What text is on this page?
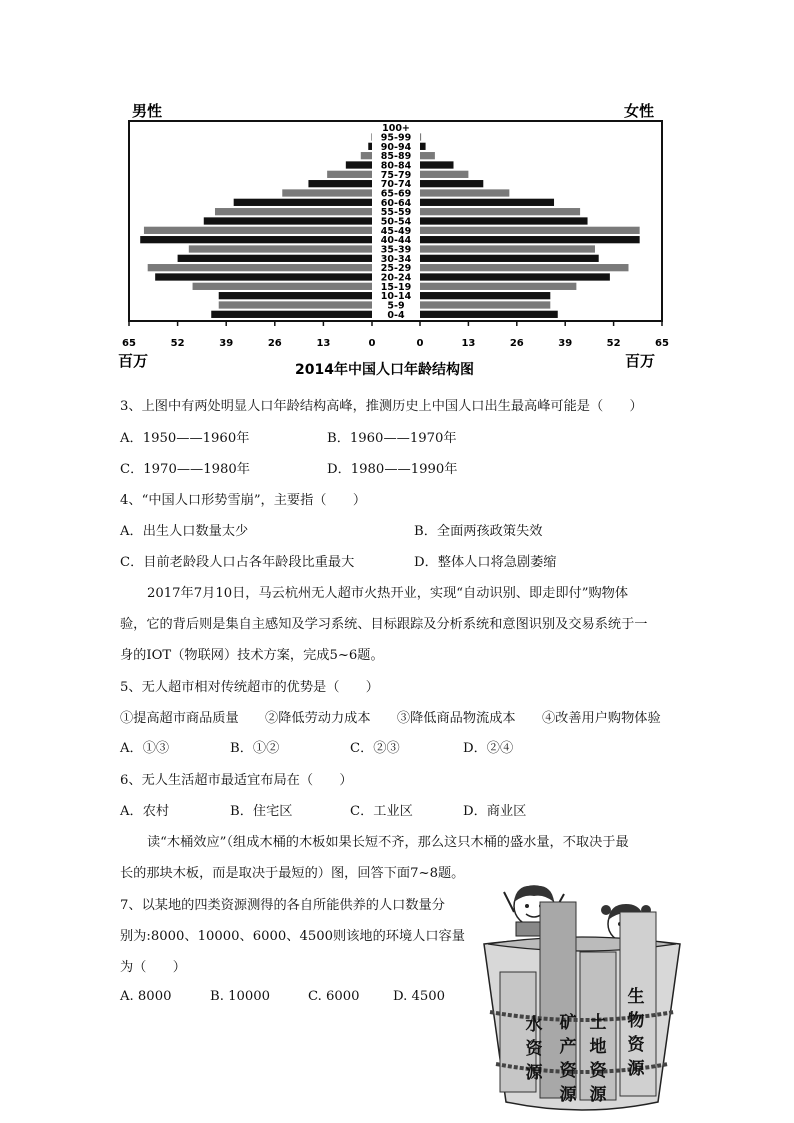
男性	女性
0-4
5-9
10-14
15-19
20-24
25-29
30-34
35-39
40-44
45-49
50-54
55-59
60-64
65-69
70-74
75-79
80-84
85-89
90-94
95-99
100+
65	52	39	26	13	0	0	13	26	39	52	65
百万	百万
2014年中国人口年龄结构图
3、上图中有两处明显人口年龄结构高峰，推测历史上中国人口出生最高峰可能是（　　）
A．1950——1960年	B．1960——1970年
C．1970——1980年	D．1980——1990年
4、“中国人口形势雪崩”，主要指（　　）
A．出生人口数量太少	B．全面两孩政策失效
C．目前老龄段人口占各年龄段比重最大	D．整体人口将急剧萎缩
2017年7月10日，马云杭州无人超市火热开业，实现“自动识别、即走即付”购物体
验，它的背后则是集自主感知及学习系统、目标跟踪及分析系统和意图识别及交易系统于一
身的IOT（物联网）技术方案，完成5~6题。
5、无人超市相对传统超市的优势是（　　）
①提高超市商品质量　　②降低劳动力成本　　③降低商品物流成本　　④改善用户购物体验
A．①③	B．①②	C．②③	D．②④
6、无人生活超市最适宜布局在（　　）
A．农村	B．住宅区	C．工业区	D．商业区
读“木桶效应”（组成木桶的木板如果长短不齐，那么这只木桶的盛水量，不取决于最
长的那块木板，而是取决于最短的）图，回答下面7~8题。
7、以某地的四类资源测得的各自所能供养的人口数量分
别为:8000、10000、6000、4500则该地的环境人口容量
为（　　）
A. 8000	B. 10000	C. 6000	D. 4500
水
资
源
矿
产
资
源
土
地
资
源
生
物
资
源
